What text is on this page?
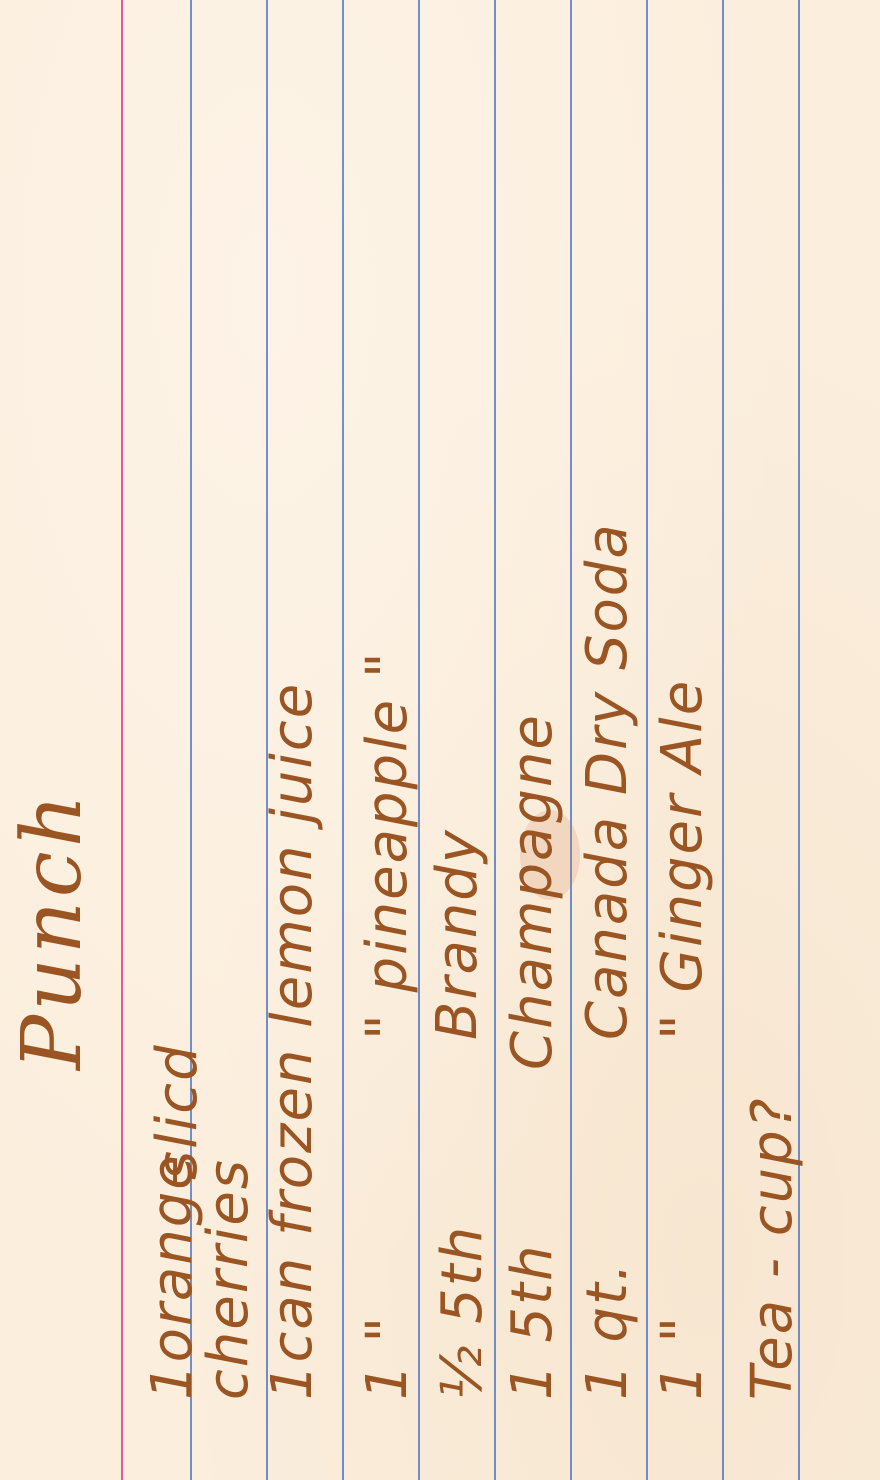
Punch
1orange
slicd
cherries 1can frozen lemon juice
1 "
" pineapple "
½ 5th
Brandy
1 5th
Champagne
1 qt.
Canada Dry Soda
1 "
" Ginger Ale
Tea - cup?
